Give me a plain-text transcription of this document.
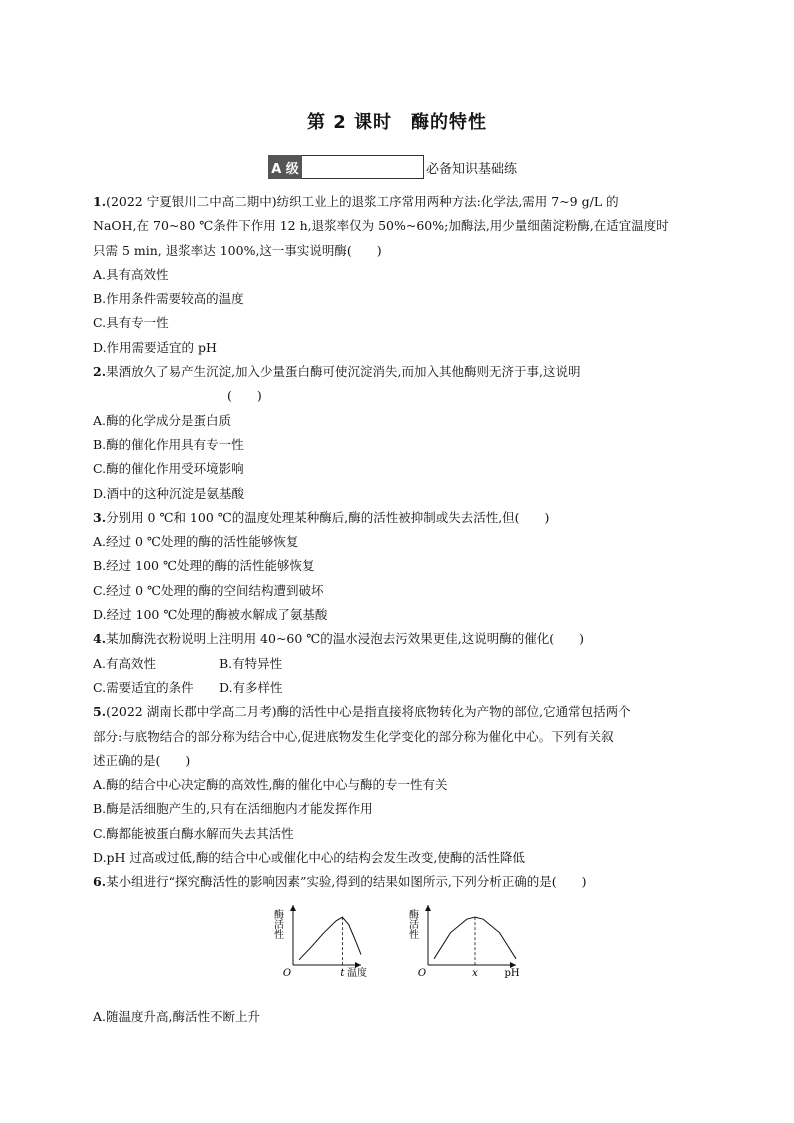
第 2 课时　酶的特性
A 级	必备知识基础练
1.(2022 宁夏银川二中高二期中)纺织工业上的退浆工序常用两种方法:化学法,需用 7~9 g/L 的
NaOH,在 70~80 ℃条件下作用 12 h,退浆率仅为 50%~60%;加酶法,用少量细菌淀粉酶,在适宜温度时
只需 5 min, 退浆率达 100%,这一事实说明酶(　　)
A.具有高效性
B.作用条件需要较高的温度
C.具有专一性
D.作用需要适宜的 pH
2.果酒放久了易产生沉淀,加入少量蛋白酶可使沉淀消失,而加入其他酶则无济于事,这说明
(　　)
A.酶的化学成分是蛋白质
B.酶的催化作用具有专一性
C.酶的催化作用受环境影响
D.酒中的这种沉淀是氨基酸
3.分别用 0 ℃和 100 ℃的温度处理某种酶后,酶的活性被抑制或失去活性,但(　　)
A.经过 0 ℃处理的酶的活性能够恢复
B.经过 100 ℃处理的酶的活性能够恢复
C.经过 0 ℃处理的酶的空间结构遭到破坏
D.经过 100 ℃处理的酶被水解成了氨基酸
4.某加酶洗衣粉说明上注明用 40~60 ℃的温水浸泡去污效果更佳,这说明酶的催化(　　)
A.有高效性	B.有特异性
C.需要适宜的条件 D.有多样性
5.(2022 湖南长郡中学高二月考)酶的活性中心是指直接将底物转化为产物的部位,它通常包括两个
部分:与底物结合的部分称为结合中心,促进底物发生化学变化的部分称为催化中心。下列有关叙
述正确的是(　　)
A.酶的结合中心决定酶的高效性,酶的催化中心与酶的专一性有关
B.酶是活细胞产生的,只有在活细胞内才能发挥作用
C.酶都能被蛋白酶水解而失去其活性
D.pH 过高或过低,酶的结合中心或催化中心的结构会发生改变,使酶的活性降低
6.某小组进行“探究酶活性的影响因素”实验,得到的结果如图所示,下列分析正确的是(　　)
t
O	温度
酶活性
x
O	pH
酶活性
A.随温度升高,酶活性不断上升
